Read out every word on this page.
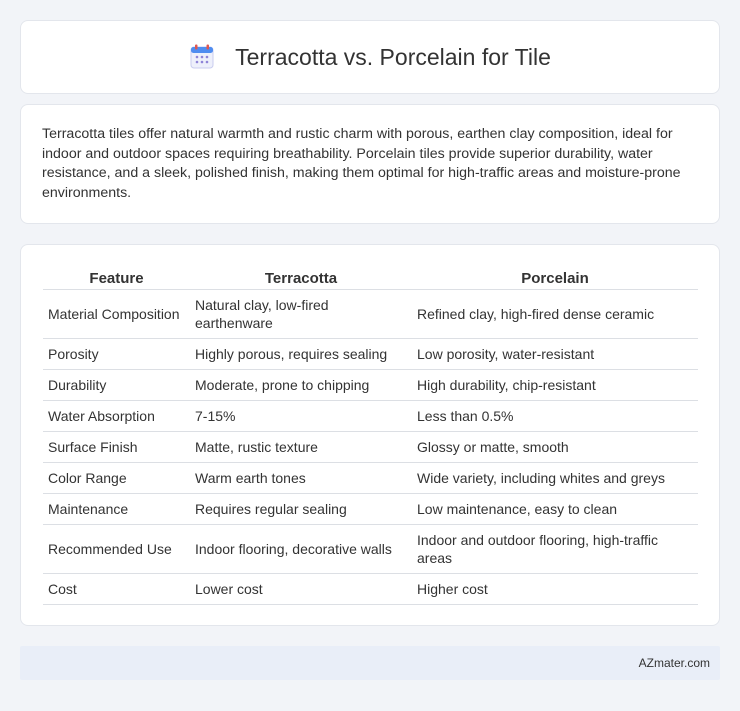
Terracotta vs. Porcelain for Tile

Terracotta tiles offer natural warmth and rustic charm with porous, earthen clay composition, ideal for indoor and outdoor spaces requiring breathability. Porcelain tiles provide superior durability, water resistance, and a sleek, polished finish, making them optimal for high-traffic areas and moisture-prone environments.

Feature	Terracotta	Porcelain
Material Composition	Natural clay, low-fired earthenware	Refined clay, high-fired dense ceramic
Porosity	Highly porous, requires sealing	Low porosity, water-resistant
Durability	Moderate, prone to chipping	High durability, chip-resistant
Water Absorption	7-15%	Less than 0.5%
Surface Finish	Matte, rustic texture	Glossy or matte, smooth
Color Range	Warm earth tones	Wide variety, including whites and greys
Maintenance	Requires regular sealing	Low maintenance, easy to clean
Recommended Use	Indoor flooring, decorative walls	Indoor and outdoor flooring, high-traffic areas
Cost	Lower cost	Higher cost
AZmater.com
